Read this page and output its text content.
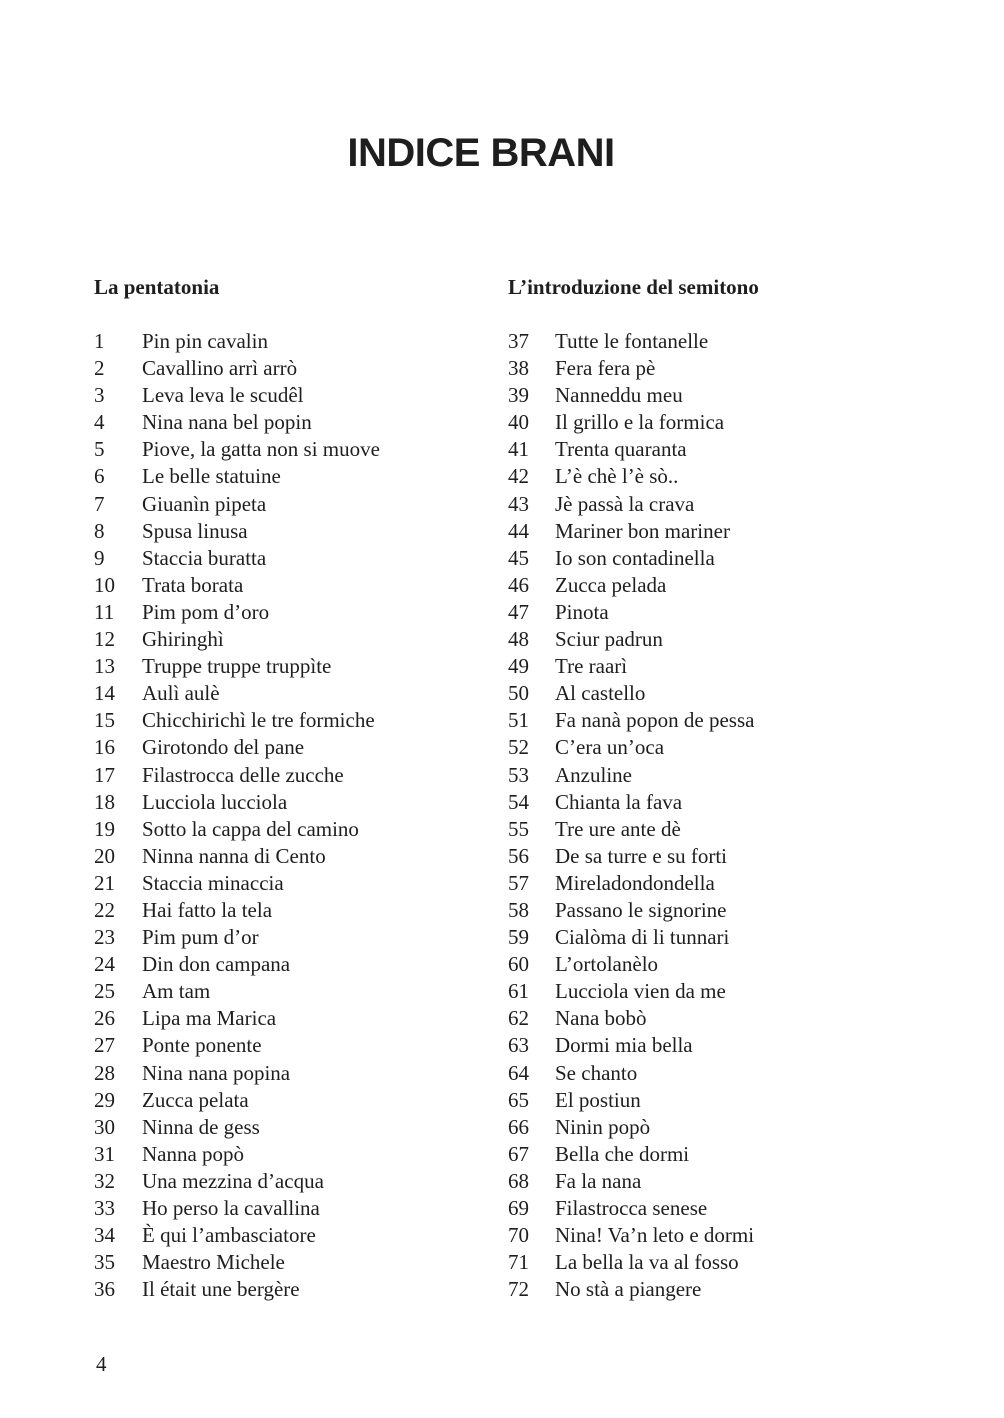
INDICE BRANI
La pentatonia
1	Pin pin cavalin
2	Cavallino arrì arrò
3	Leva leva le scudêl
4	Nina nana bel popin
5	Piove, la gatta non si muove
6	Le belle statuine
7	Giuanìn pipeta
8	Spusa linusa
9	Staccia buratta
10	Trata borata
11	Pim pom d’oro
12	Ghiringhì
13	Truppe truppe truppìte
14	Aulì aulè
15	Chicchirichì le tre formiche
16	Girotondo del pane
17	Filastrocca delle zucche
18	Lucciola lucciola
19	Sotto la cappa del camino
20	Ninna nanna di Cento
21	Staccia minaccia
22	Hai fatto la tela
23	Pim pum d’or
24	Din don campana
25	Am tam
26	Lipa ma Marica
27	Ponte ponente
28	Nina nana popina
29	Zucca pelata
30	Ninna de gess
31	Nanna popò
32	Una mezzina d’acqua
33	Ho perso la cavallina
34	È qui l’ambasciatore
35	Maestro Michele
36	Il était une bergère
L’introduzione del semitono
37	Tutte le fontanelle
38	Fera fera pè
39	Nanneddu meu
40	Il grillo e la formica
41	Trenta quaranta
42	L’è chè l’è sò..
43	Jè passà la crava
44	Mariner bon mariner
45	Io son contadinella
46	Zucca pelada
47	Pinota
48	Sciur padrun
49	Tre raarì
50	Al castello
51	Fa nanà popon de pessa
52	C’era un’oca
53	Anzuline
54	Chianta la fava
55	Tre ure ante dè
56	De sa turre e su forti
57	Mireladondondella
58	Passano le signorine
59	Cialòma di li tunnari
60	L’ortolanèlo
61	Lucciola vien da me
62	Nana bobò
63	Dormi mia bella
64	Se chanto
65	El postiun
66	Ninin popò
67	Bella che dormi
68	Fa la nana
69	Filastrocca senese
70	Nina! Va’n leto e dormi
71	La bella la va al fosso
72	No stà a piangere
4
